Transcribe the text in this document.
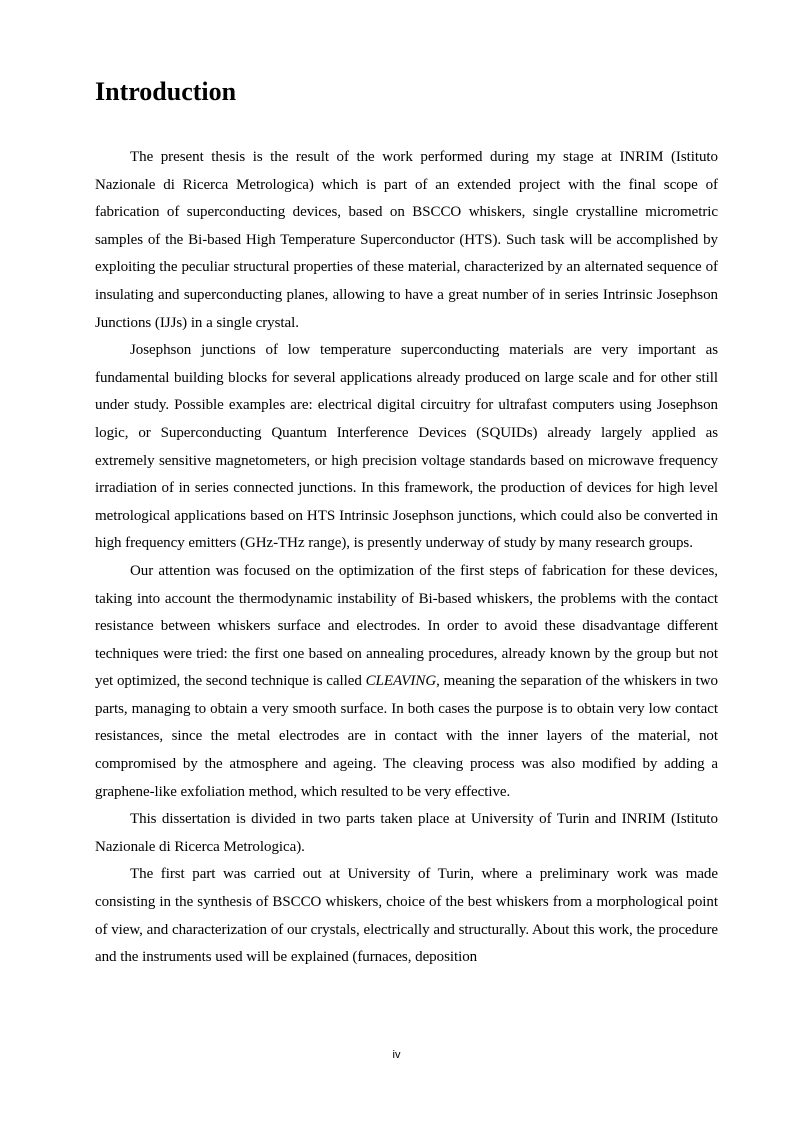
Introduction

The present thesis is the result of the work performed during my stage at INRIM (Istituto Nazionale di Ricerca Metrologica) which is part of an extended project with the final scope of fabrication of superconducting devices, based on BSCCO whiskers, single crystalline micrometric samples of the Bi-based High Temperature Superconductor (HTS). Such task will be accomplished by exploiting the peculiar structural properties of these material, characterized by an alternated sequence of insulating and superconducting planes, allowing to have a great number of in series Intrinsic Josephson Junctions (IJJs) in a single crystal.

Josephson junctions of low temperature superconducting materials are very important as fundamental building blocks for several applications already produced on large scale and for other still under study. Possible examples are: electrical digital circuitry for ultrafast computers using Josephson logic, or Superconducting Quantum Interference Devices (SQUIDs) already largely applied as extremely sensitive magnetometers, or high precision voltage standards based on microwave frequency irradiation of in series connected junctions. In this framework, the production of devices for high level metrological applications based on HTS Intrinsic Josephson junctions, which could also be converted in high frequency emitters (GHz-THz range), is presently underway of study by many research groups.

Our attention was focused on the optimization of the first steps of fabrication for these devices, taking into account the thermodynamic instability of Bi-based whiskers, the problems with the contact resistance between whiskers surface and electrodes. In order to avoid these disadvantage different techniques were tried: the first one based on annealing procedures, already known by the group but not yet optimized, the second technique is called CLEAVING, meaning the separation of the whiskers in two parts, managing to obtain a very smooth surface. In both cases the purpose is to obtain very low contact resistances, since the metal electrodes are in contact with the inner layers of the material, not compromised by the atmosphere and ageing. The cleaving process was also modified by adding a graphene-like exfoliation method, which resulted to be very effective.

This dissertation is divided in two parts taken place at University of Turin and INRIM (Istituto Nazionale di Ricerca Metrologica).

The first part was carried out at University of Turin, where a preliminary work was made consisting in the synthesis of BSCCO whiskers, choice of the best whiskers from a morphological point of view, and characterization of our crystals, electrically and structurally. About this work, the procedure and the instruments used will be explained (furnaces, deposition

iv
